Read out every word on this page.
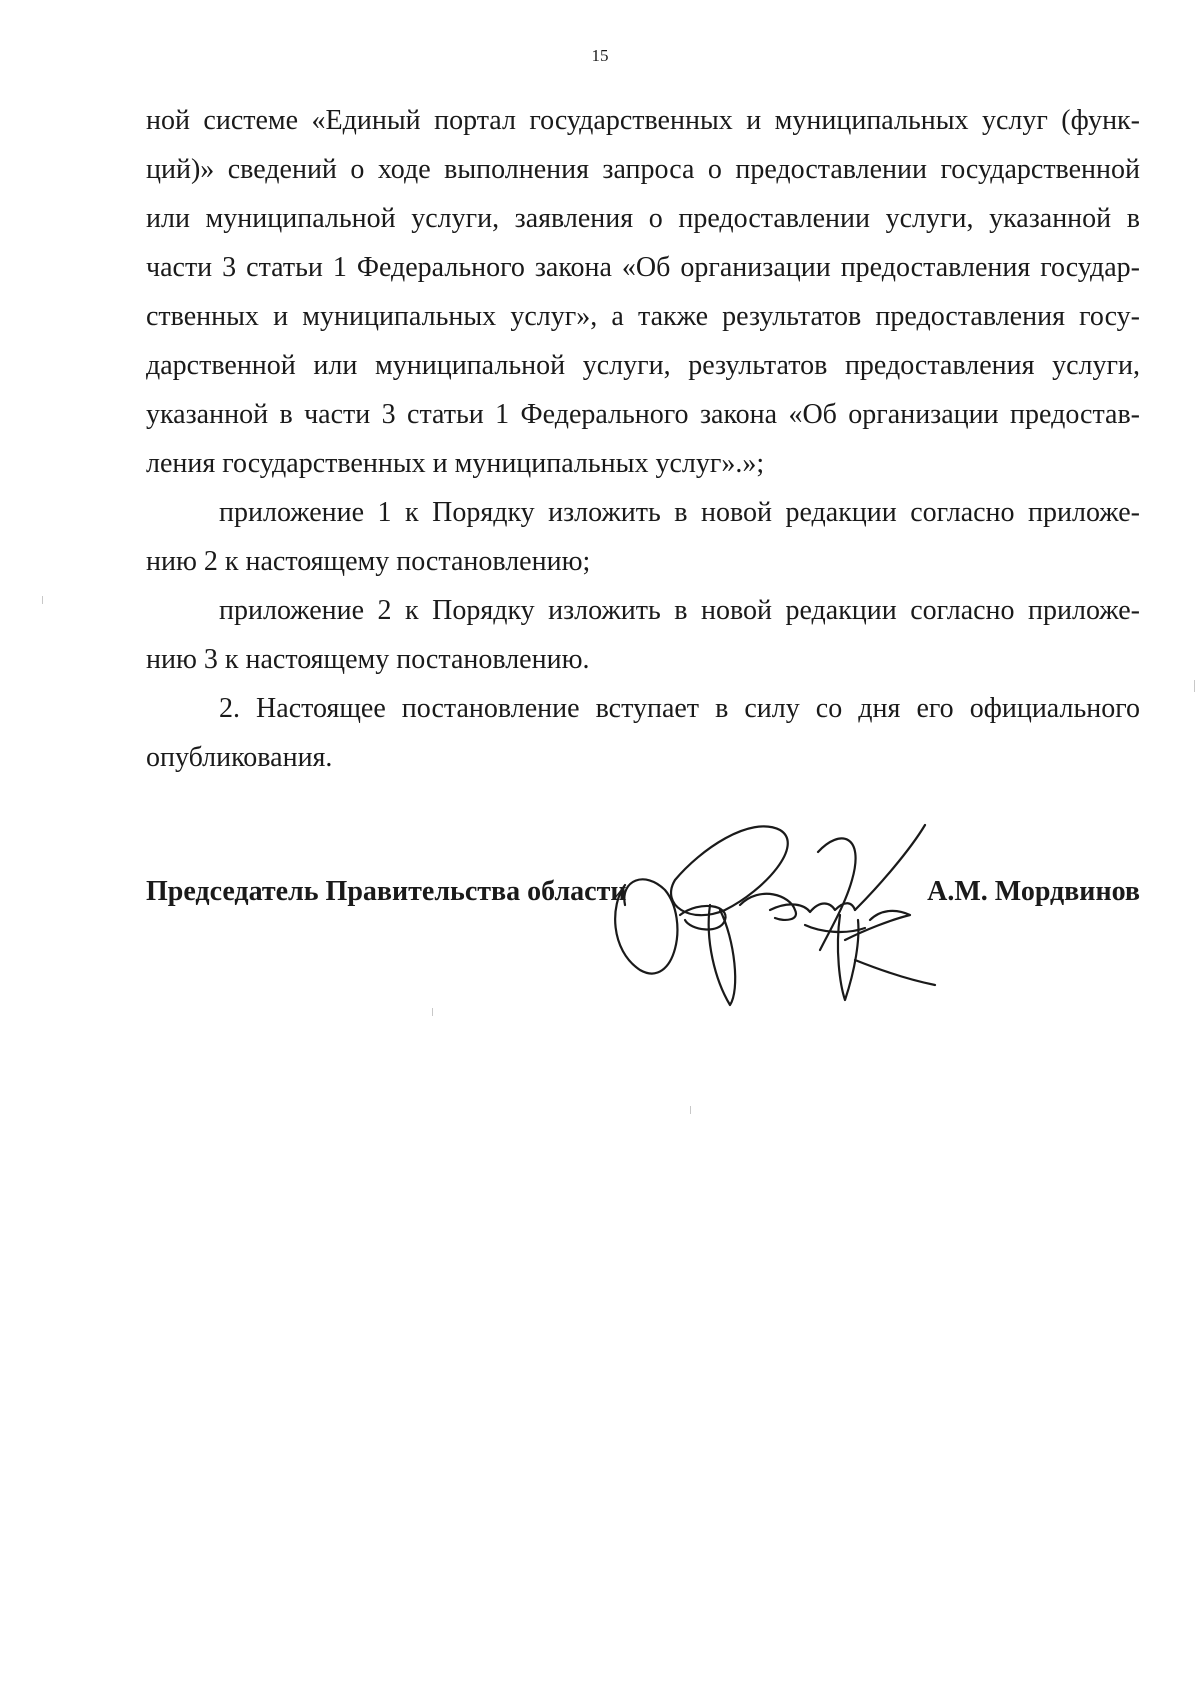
15
ной системе «Единый портал государственных и муниципальных услуг (функ-
ций)» сведений о ходе выполнения запроса о предоставлении государственной
или муниципальной услуги, заявления о предоставлении услуги, указанной в
части 3 статьи 1 Федерального закона «Об организации предоставления государ-
ственных и муниципальных услуг», а также результатов предоставления госу-
дарственной или муниципальной услуги, результатов предоставления услуги,
указанной в части 3 статьи 1 Федерального закона «Об организации предостав-
ления государственных и муниципальных услуг».»;
приложение 1 к Порядку изложить в новой редакции согласно приложе-
нию 2 к настоящему постановлению;
приложение 2 к Порядку изложить в новой редакции согласно приложе-
нию 3 к настоящему постановлению.
2. Настоящее постановление вступает в силу со дня его официального
опубликования.
Председатель Правительства области	А.М. Мордвинов
